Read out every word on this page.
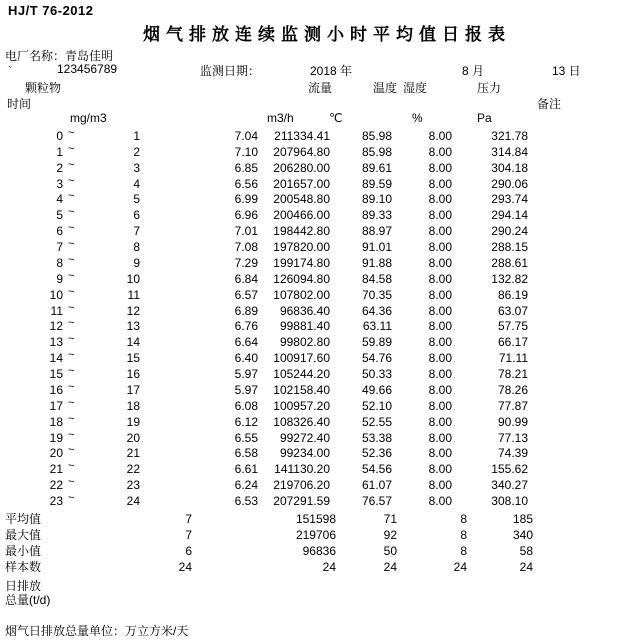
HJ/T 76-2012
烟气排放连续监测小时平均值日报表
电厂名称：青岛佳明
`	123456789	监测日期：	2018 年	8 月	13 日
颗粒物	流量	温度 湿度	压力
时间	备注
mg/m3	m3/h	℃	%	Pa
0 ~	1	7.04 211334.41	85.98	8.00	321.78
1 ~	2	7.10 207964.80	85.98	8.00	314.84
2 ~	3	6.85 206280.00	89.61	8.00	304.18
3 ~	4	6.56 201657.00	89.59	8.00	290.06
4 ~	5	6.99 200548.80	89.10	8.00	293.74
5 ~	6	6.96 200466.00	89.33	8.00	294.14
6 ~	7	7.01 198442.80	88.97	8.00	290.24
7 ~	8	7.08 197820.00	91.01	8.00	288.15
8 ~	9	7.29 199174.80	91.88	8.00	288.61
9 ~	10	6.84 126094.80	84.58	8.00	132.82
10 ~	11	6.57 107802.00	70.35	8.00	86.19
11 ~	12	6.89 96836.40	64.36	8.00	63.07
12 ~	13	6.76 99881.40	63.11	8.00	57.75
13 ~	14	6.64 99802.80	59.89	8.00	66.17
14 ~	15	6.40 100917.60	54.76	8.00	71.11
15 ~	16	5.97 105244.20	50.33	8.00	78.21
16 ~	17	5.97 102158.40	49.66	8.00	78.26
17 ~	18	6.08 100957.20	52.10	8.00	77.87
18 ~	19	6.12 108326.40	52.55	8.00	90.99
19 ~	20	6.55 99272.40	53.38	8.00	77.13
20 ~	21	6.58 99234.00	52.36	8.00	74.39
21 ~	22	6.61 141130.20	54.56	8.00	155.62
22 ~	23	6.24 219706.20	61.07	8.00	340.27
23 ~	24	6.53 207291.59	76.57	8.00	308.10
平均值	7	151598	71	8	185
最大值	7	219706	92	8	340
最小值	6	96836	50	8	58
样本数	24	24	24	24	24
日排放
总量(t/d)
烟气日排放总量单位：万立方米/天
